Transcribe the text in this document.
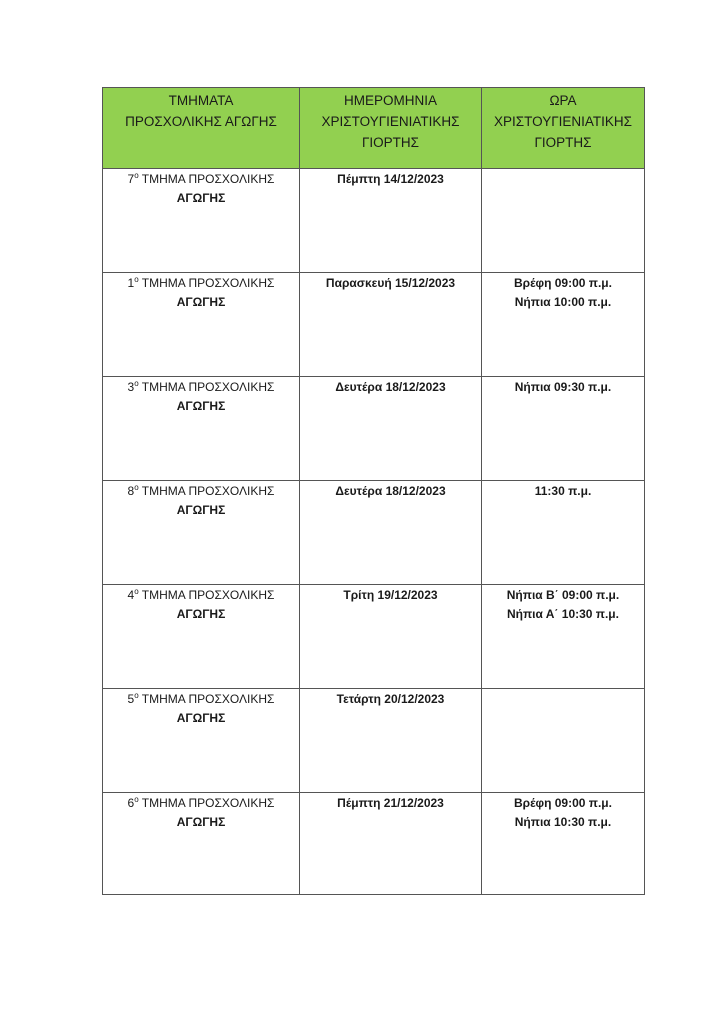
ΤΜΗΜΑΤΑ
ΠΡΟΣΧΟΛΙΚΗΣ ΑΓΩΓΗΣ	ΗΜΕΡΟΜΗΝΙΑ
ΧΡΙΣΤΟΥΓΙΕΝΙΑΤΙΚΗΣ
ΓΙΟΡΤΗΣ	ΩΡΑ
ΧΡΙΣΤΟΥΓΙΕΝΙΑΤΙΚΗΣ
ΓΙΟΡΤΗΣ

$7^o$ ΤΜΗΜΑ ΠΡΟΣΧΟΛΙΚΗΣ
ΑΓΩΓΗΣ	Πέμπτη 14/12/2023	

$1^o$ ΤΜΗΜΑ ΠΡΟΣΧΟΛΙΚΗΣ
ΑΓΩΓΗΣ	Παρασκευή 15/12/2023	Βρέφη 09:00 π.μ.
Νήπια 10:00 π.μ.

$3^o$ ΤΜΗΜΑ ΠΡΟΣΧΟΛΙΚΗΣ
ΑΓΩΓΗΣ	Δευτέρα 18/12/2023	Νήπια 09:30 π.μ.

$8^o$ ΤΜΗΜΑ ΠΡΟΣΧΟΛΙΚΗΣ
ΑΓΩΓΗΣ	Δευτέρα 18/12/2023	11:30 π.μ.

$4^o$ ΤΜΗΜΑ ΠΡΟΣΧΟΛΙΚΗΣ
ΑΓΩΓΗΣ	Τρίτη 19/12/2023	Νήπια Β΄ 09:00 π.μ.
Νήπια Α΄ 10:30 π.μ.

$5^o$ ΤΜΗΜΑ ΠΡΟΣΧΟΛΙΚΗΣ
ΑΓΩΓΗΣ	Τετάρτη 20/12/2023	

$6^o$ ΤΜΗΜΑ ΠΡΟΣΧΟΛΙΚΗΣ
ΑΓΩΓΗΣ	Πέμπτη 21/12/2023	Βρέφη 09:00 π.μ.
Νήπια 10:30 π.μ.
